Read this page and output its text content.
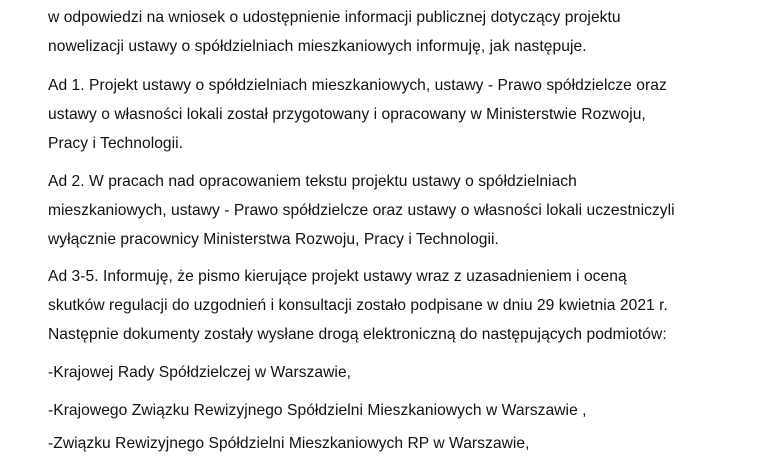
w odpowiedzi na wniosek o udostępnienie informacji publicznej dotyczący projektu
nowelizacji ustawy o spółdzielniach mieszkaniowych informuję, jak następuje.
Ad 1. Projekt ustawy o spółdzielniach mieszkaniowych, ustawy - Prawo spółdzielcze oraz
ustawy o własności lokali został przygotowany i opracowany w Ministerstwie Rozwoju,
Pracy i Technologii.
Ad 2. W pracach nad opracowaniem tekstu projektu ustawy o spółdzielniach
mieszkaniowych, ustawy - Prawo spółdzielcze oraz ustawy o własności lokali uczestniczyli
wyłącznie pracownicy Ministerstwa Rozwoju, Pracy i Technologii.
Ad 3-5. Informuję, że pismo kierujące projekt ustawy wraz z uzasadnieniem i oceną
skutków regulacji do uzgodnień i konsultacji zostało podpisane w dniu 29 kwietnia 2021 r.
Następnie dokumenty zostały wysłane drogą elektroniczną do następujących podmiotów:
-Krajowej Rady Spółdzielczej w Warszawie,
-Krajowego Związku Rewizyjnego Spółdzielni Mieszkaniowych w Warszawie ,
-Związku Rewizyjnego Spółdzielni Mieszkaniowych RP w Warszawie,
